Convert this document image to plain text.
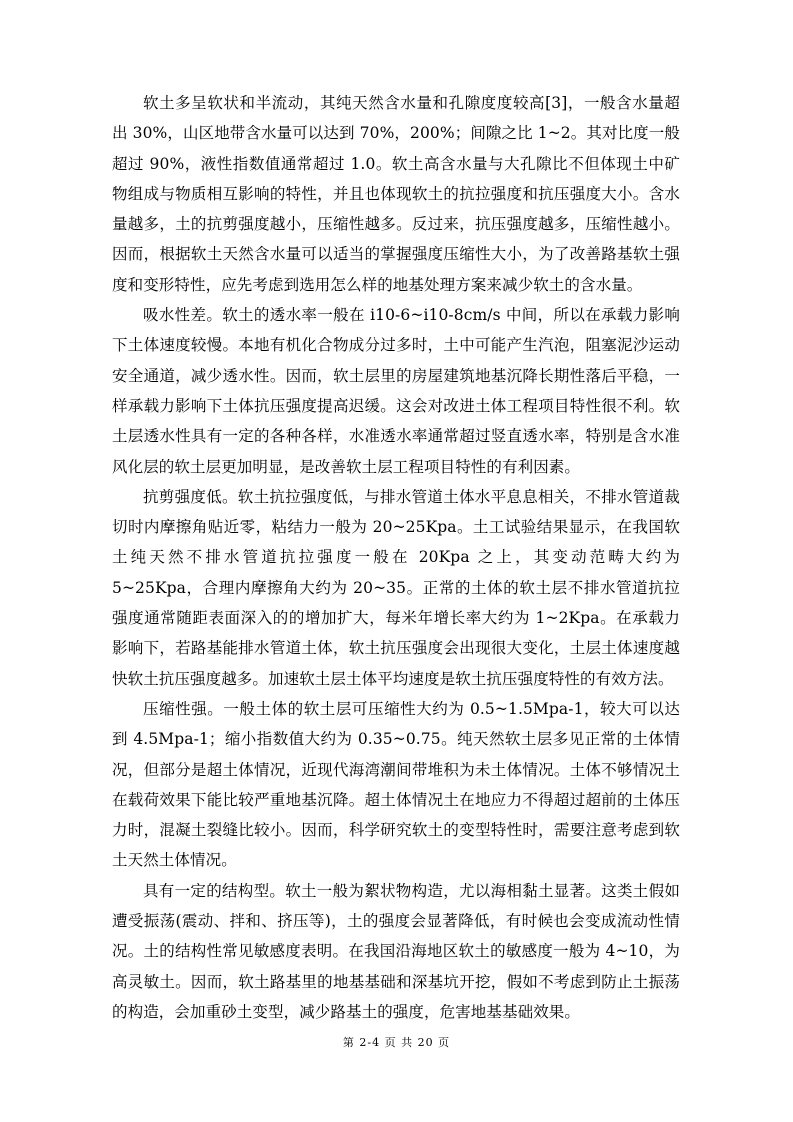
软土多呈软状和半流动，其纯天然含水量和孔隙度度较高[3]，一般含水量超出 30%，山区地带含水量可以达到 70%，200%；间隙之比 1~2。其对比度一般超过 90%，液性指数值通常超过 1.0。软土高含水量与大孔隙比不但体现土中矿物组成与物质相互影响的特性，并且也体现软土的抗拉强度和抗压强度大小。含水量越多，土的抗剪强度越小，压缩性越多。反过来，抗压强度越多，压缩性越小。因而，根据软土天然含水量可以适当的掌握强度压缩性大小，为了改善路基软土强度和变形特性，应先考虑到选用怎么样的地基处理方案来减少软土的含水量。

吸水性差。软土的透水率一般在 i10-6~i10-8cm/s 中间，所以在承载力影响下土体速度较慢。本地有机化合物成分过多时，土中可能产生汽泡，阻塞泥沙运动安全通道，减少透水性。因而，软土层里的房屋建筑地基沉降长期性落后平稳，一样承载力影响下土体抗压强度提高迟缓。这会对改进土体工程项目特性很不利。软土层透水性具有一定的各种各样，水准透水率通常超过竖直透水率，特别是含水准风化层的软土层更加明显，是改善软土层工程项目特性的有利因素。

抗剪强度低。软土抗拉强度低，与排水管道土体水平息息相关，不排水管道裁切时内摩擦角贴近零，粘结力一般为 20~25Kpa。土工试验结果显示，在我国软土纯天然不排水管道抗拉强度一般在 20Kpa 之上，其变动范畴大约为 5~25Kpa，合理内摩擦角大约为 20~35。正常的土体的软土层不排水管道抗拉强度通常随距表面深入的的增加扩大，每米年增长率大约为 1~2Kpa。在承载力影响下，若路基能排水管道土体，软土抗压强度会出现很大变化，土层土体速度越快软土抗压强度越多。加速软土层土体平均速度是软土抗压强度特性的有效方法。

压缩性强。一般土体的软土层可压缩性大约为 0.5~1.5Mpa-1，较大可以达到 4.5Mpa-1；缩小指数值大约为 0.35~0.75。纯天然软土层多见正常的土体情况，但部分是超土体情况，近现代海湾潮间带堆积为未土体情况。土体不够情况土在载荷效果下能比较严重地基沉降。超土体情况土在地应力不得超过超前的土体压力时，混凝土裂缝比较小。因而，科学研究软土的变型特性时，需要注意考虑到软土天然土体情况。

具有一定的结构型。软土一般为絮状物构造，尤以海相黏土显著。这类土假如遭受振荡(震动、拌和、挤压等)，土的强度会显著降低，有时候也会变成流动性情况。土的结构性常见敏感度表明。在我国沿海地区软土的敏感度一般为 4~10，为高灵敏土。因而，软土路基里的地基基础和深基坑开挖，假如不考虑到防止土振荡的构造，会加重砂土变型，减少路基土的强度，危害地基基础效果。

第 2-4 页 共 20 页
